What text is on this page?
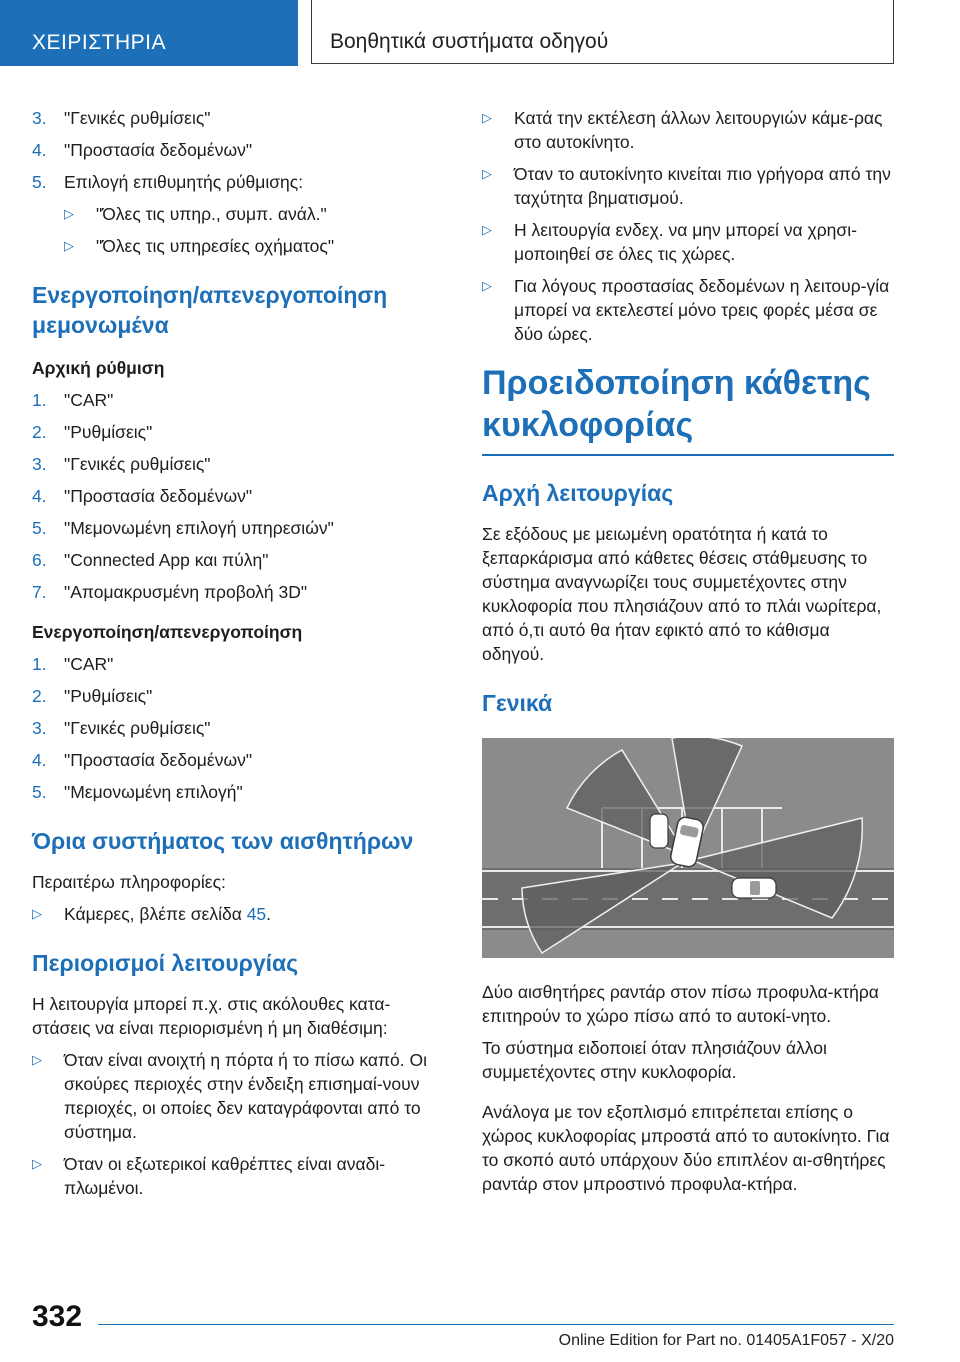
ΧΕΙΡΙΣΤΗΡΙΑ	Βοηθητικά συστήματα οδηγού
3. "Γενικές ρυθμίσεις"
4. "Προστασία δεδομένων"
5. Επιλογή επιθυμητής ρύθμισης:
▷	"Όλες τις υπηρ., συμπ. ανάλ."
▷	"Όλες τις υπηρεσίες οχήματος"
Ενεργοποίηση/απενεργοποίηση μεμονωμένα
Αρχική ρύθμιση
1. "CAR"
2. "Ρυθμίσεις"
3. "Γενικές ρυθμίσεις"
4. "Προστασία δεδομένων"
5. "Μεμονωμένη επιλογή υπηρεσιών"
6. "Connected App και πύλη"
7. "Απομακρυσμένη προβολή 3D"
Ενεργοποίηση/απενεργοποίηση
1. "CAR"
2. "Ρυθμίσεις"
3. "Γενικές ρυθμίσεις"
4. "Προστασία δεδομένων"
5. "Μεμονωμένη επιλογή"
Όρια συστήματος των αισθητήρων
Περαιτέρω πληροφορίες:
▷	Κάμερες, βλέπε σελίδα 45.
Περιορισμοί λειτουργίας
Η λειτουργία μπορεί π.χ. στις ακόλουθες κατα-στάσεις να είναι περιορισμένη ή μη διαθέσιμη:
▷	Όταν είναι ανοιχτή η πόρτα ή το πίσω καπό. Οι σκούρες περιοχές στην ένδειξη επισημαί-νουν περιοχές, οι οποίες δεν καταγράφονται από το σύστημα.
▷	Όταν οι εξωτερικοί καθρέπτες είναι αναδι-πλωμένοι.
▷	Κατά την εκτέλεση άλλων λειτουργιών κάμε-ρας στο αυτοκίνητο.
▷	Όταν το αυτοκίνητο κινείται πιο γρήγορα από την ταχύτητα βηματισμού.
▷	Η λειτουργία ενδεχ. να μην μπορεί να χρησι-μοποιηθεί σε όλες τις χώρες.
▷	Για λόγους προστασίας δεδομένων η λειτουρ-γία μπορεί να εκτελεστεί μόνο τρεις φορές μέσα σε δύο ώρες.
Προειδοποίηση κάθετης κυκλοφορίας
Αρχή λειτουργίας
Σε εξόδους με μειωμένη ορατότητα ή κατά το ξεπαρκάρισμα από κάθετες θέσεις στάθμευσης το σύστημα αναγνωρίζει τους συμμετέχοντες στην κυκλοφορία που πλησιάζουν από το πλάι νωρίτερα, από ό,τι αυτό θα ήταν εφικτό από το κάθισμα οδηγού.
Γενικά
Δύο αισθητήρες ραντάρ στον πίσω προφυλα-κτήρα επιτηρούν το χώρο πίσω από το αυτοκί-νητο.
Το σύστημα ειδοποιεί όταν πλησιάζουν άλλοι συμμετέχοντες στην κυκλοφορία.
Ανάλογα με τον εξοπλισμό επιτρέπεται επίσης ο χώρος κυκλοφορίας μπροστά από το αυτοκίνητο. Για το σκοπό αυτό υπάρχουν δύο επιπλέον αι-σθητήρες ραντάρ στον μπροστινό προφυλα-κτήρα.
332
Online Edition for Part no. 01405A1F057 - X/20
